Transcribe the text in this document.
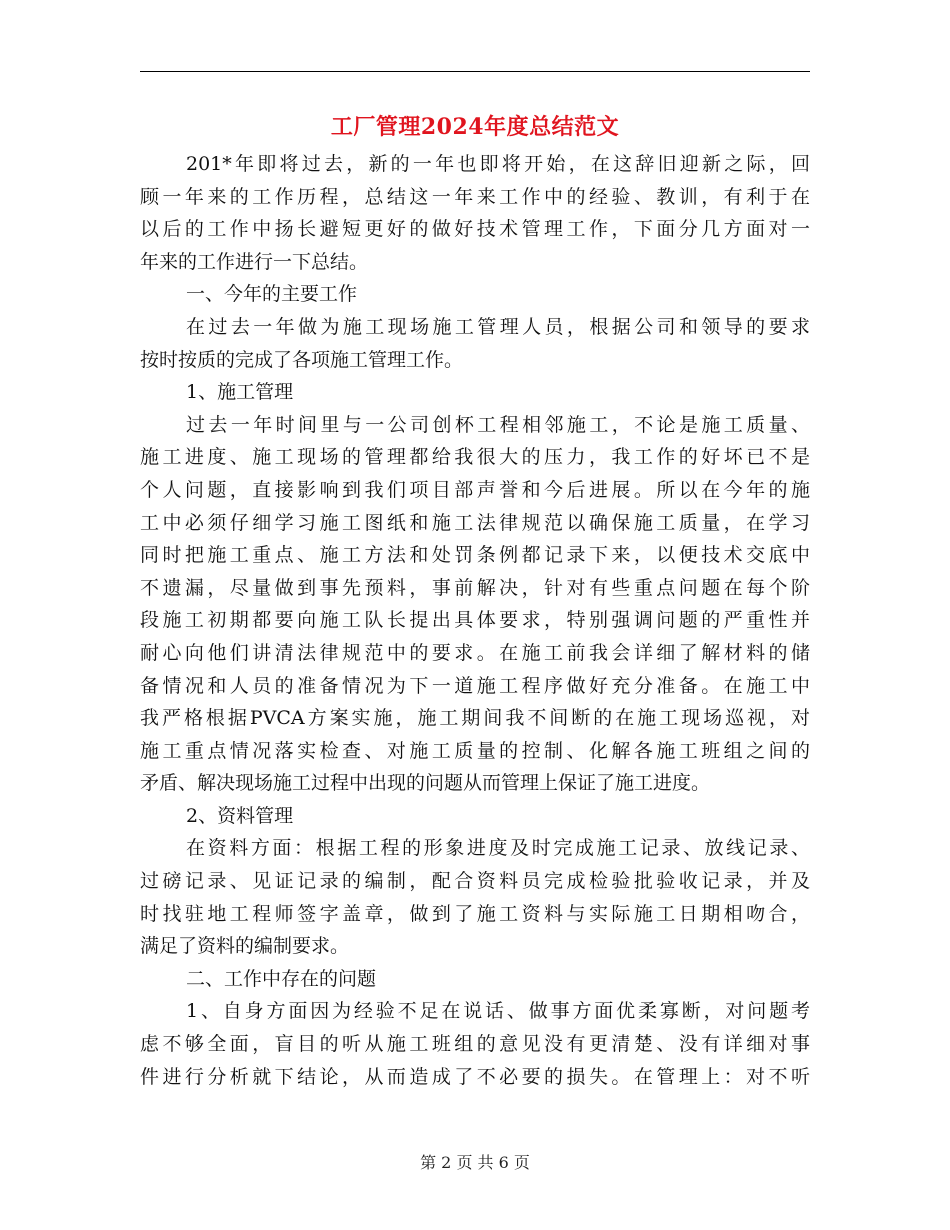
工厂管理2024年度总结范文
201*年即将过去，新的一年也即将开始，在这辞旧迎新之际，回
顾一年来的工作历程，总结这一年来工作中的经验、教训，有利于在
以后的工作中扬长避短更好的做好技术管理工作，下面分几方面对一
年来的工作进行一下总结。
一、今年的主要工作
在过去一年做为施工现场施工管理人员，根据公司和领导的要求
按时按质的完成了各项施工管理工作。
1、施工管理
过去一年时间里与一公司创杯工程相邻施工，不论是施工质量、
施工进度、施工现场的管理都给我很大的压力，我工作的好坏已不是
个人问题，直接影响到我们项目部声誉和今后进展。所以在今年的施
工中必须仔细学习施工图纸和施工法律规范以确保施工质量，在学习
同时把施工重点、施工方法和处罚条例都记录下来，以便技术交底中
不遗漏，尽量做到事先预料，事前解决，针对有些重点问题在每个阶
段施工初期都要向施工队长提出具体要求，特别强调问题的严重性并
耐心向他们讲清法律规范中的要求。在施工前我会详细了解材料的储
备情况和人员的准备情况为下一道施工程序做好充分准备。在施工中
我严格根据PVCA方案实施，施工期间我不间断的在施工现场巡视，对
施工重点情况落实检查、对施工质量的控制、化解各施工班组之间的
矛盾、解决现场施工过程中出现的问题从而管理上保证了施工进度。
2、资料管理
在资料方面：根据工程的形象进度及时完成施工记录、放线记录、
过磅记录、见证记录的编制，配合资料员完成检验批验收记录，并及
时找驻地工程师签字盖章，做到了施工资料与实际施工日期相吻合，
满足了资料的编制要求。
二、工作中存在的问题
1、自身方面因为经验不足在说话、做事方面优柔寡断，对问题考
虑不够全面，盲目的听从施工班组的意见没有更清楚、没有详细对事
件进行分析就下结论，从而造成了不必要的损失。在管理上：对不听
第 2 页 共 6 页
